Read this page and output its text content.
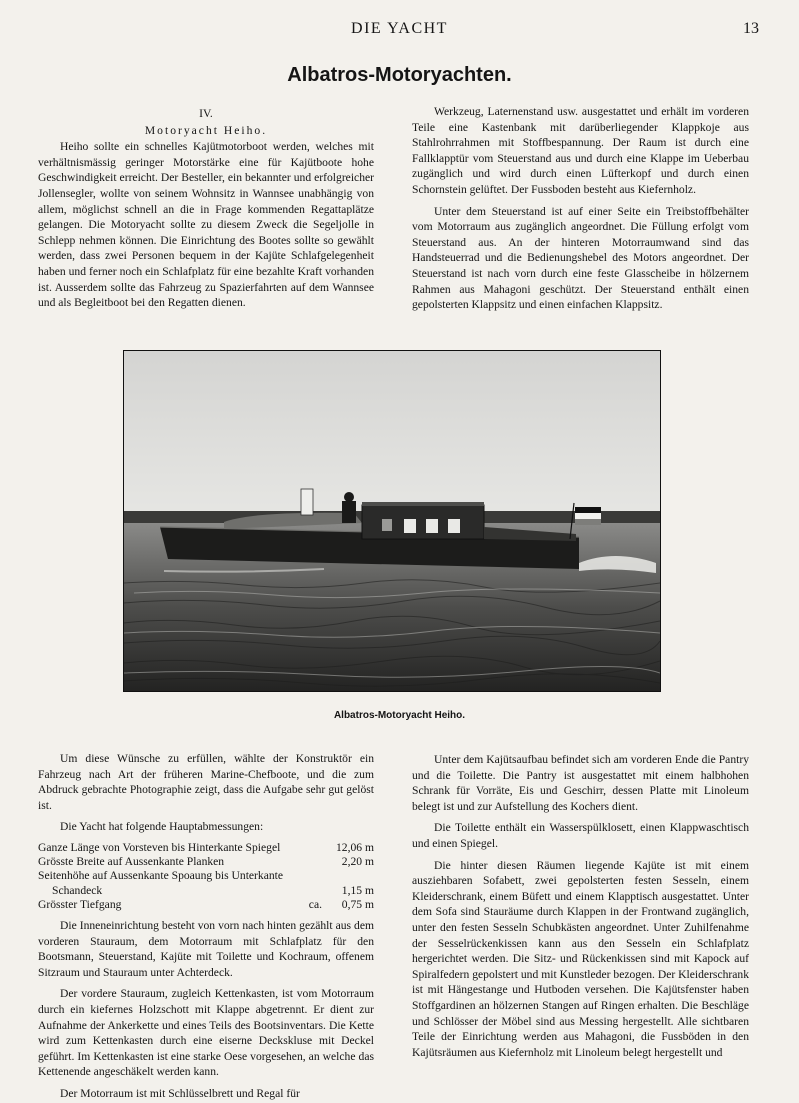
DIE YACHT	13
Albatros-Motoryachten.
IV.
Motoryacht Heiho.

Heiho sollte ein schnelles Kajütmotorboot werden, welches mit verhältnismässig geringer Motorstärke eine für Kajütboote hohe Geschwindigkeit erreicht. Der Besteller, ein bekannter und erfolgreicher Jollensegler, wollte von seinem Wohnsitz in Wannsee unabhängig von allem, möglichst schnell an die in Frage kommenden Regattaplätze gelangen. Die Motoryacht sollte zu diesem Zweck die Segeljolle in Schlepp nehmen können. Die Einrichtung des Bootes sollte so gewählt werden, dass zwei Personen bequem in der Kajüte Schlafgelegenheit haben und ferner noch ein Schlafplatz für eine bezahlte Kraft vorhanden ist. Ausserdem sollte das Fahrzeug zu Spazierfahrten auf dem Wannsee und als Begleitboot bei den Regatten dienen.

Werkzeug, Laternenstand usw. ausgestattet und erhält im vorderen Teile eine Kastenbank mit darüberliegender Klappkoje aus Stahlrohrrahmen mit Stoffbespannung. Der Raum ist durch eine Fallklapptür vom Steuerstand aus und durch eine Klappe im Ueberbau zugänglich und wird durch einen Lüfterkopf und durch einen Schornstein gelüftet. Der Fussboden besteht aus Kiefernholz.

Unter dem Steuerstand ist auf einer Seite ein Treibstoffbehälter vom Motorraum aus zugänglich angeordnet. Die Füllung erfolgt vom Steuerstand aus. An der hinteren Motorraumwand sind das Handsteuerrad und die Bedienungshebel des Motors angeordnet. Der Steuerstand ist nach vorn durch eine feste Glasscheibe in hölzernem Rahmen aus Mahagoni geschützt. Der Steuerstand enthält einen gepolsterten Klappsitz und einen einfachen Klappsitz.

Albatros-Motoryacht Heiho.

Um diese Wünsche zu erfüllen, wählte der Konstruktör ein Fahrzeug nach Art der früheren Marine-Chefboote, und die zum Abdruck gebrachte Photographie zeigt, dass die Aufgabe sehr gut gelöst ist.

Die Yacht hat folgende Hauptabmessungen:

Ganze Länge von Vorsteven bis Hinterkante Spiegel		12,06 m
Grösste Breite auf Aussenkante Planken		2,20 m
Seitenhöhe auf Aussenkante Spoaung bis Unterkante		
Schandeck		1,15 m
Grösster Tiefgang	ca.	0,75 m

Die Inneneinrichtung besteht von vorn nach hinten gezählt aus dem vorderen Stauraum, dem Motorraum mit Schlafplatz für den Bootsmann, Steuerstand, Kajüte mit Toilette und Kochraum, offenem Sitzraum und Stauraum unter Achterdeck.

Der vordere Stauraum, zugleich Kettenkasten, ist vom Motorraum durch ein kiefernes Holzschott mit Klappe abgetrennt. Er dient zur Aufnahme der Ankerkette und eines Teils des Bootsinventars. Die Kette wird zum Kettenkasten durch eine eiserne Deckskluse mit Deckel geführt. Im Kettenkasten ist eine starke Oese vorgesehen, an welche das Kettenende angeschäkelt werden kann.

Der Motorraum ist mit Schlüsselbrett und Regal für

Unter dem Kajütsaufbau befindet sich am vorderen Ende die Pantry und die Toilette. Die Pantry ist ausgestattet mit einem halbhohen Schrank für Vorräte, Eis und Geschirr, dessen Platte mit Linoleum belegt ist und zur Aufstellung des Kochers dient.

Die Toilette enthält ein Wasserspülklosett, einen Klappwaschtisch und einen Spiegel.

Die hinter diesen Räumen liegende Kajüte ist mit einem ausziehbaren Sofabett, zwei gepolsterten festen Sesseln, einem Kleiderschrank, einem Büfett und einem Klapptisch ausgestattet. Unter dem Sofa sind Stauräume durch Klappen in der Frontwand zugänglich, unter den festen Sesseln Schubkästen angeordnet. Unter Zuhilfenahme der Sesselrückenkissen kann aus den Sesseln ein Schlafplatz hergerichtet werden. Die Sitz- und Rückenkissen sind mit Kapock auf Spiralfedern gepolstert und mit Kunstleder bezogen. Der Kleiderschrank ist mit Hängestange und Hutboden versehen. Die Kajütsfenster haben Stoffgardinen an hölzernen Stangen auf Ringen erhalten. Die Beschläge und Schlösser der Möbel sind aus Messing hergestellt. Alle sichtbaren Teile der Einrichtung werden aus Mahagoni, die Fussböden in den Kajütsräumen aus Kiefernholz mit Linoleum belegt hergestellt und
